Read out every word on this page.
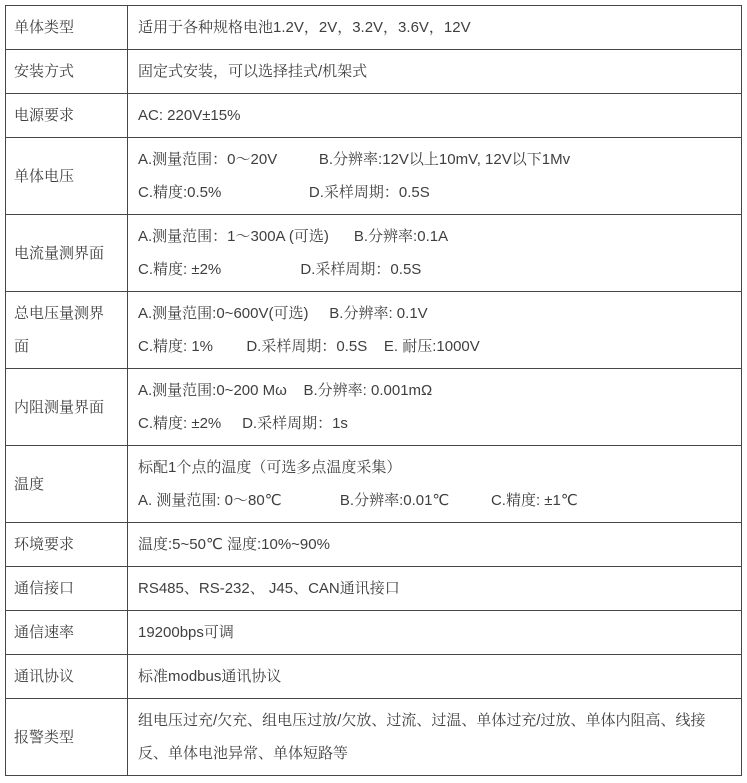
单体类型	适用于各种规格电池1.2V，2V，3.2V，3.6V，12V

安装方式	固定式安装，可以选择挂式/机架式

电源要求	AC: 220V±15%

单体电压	A.测量范围：0～20V          B.分辨率:12V以上10mV, 12V以下1Mv
C.精度:0.5%                     D.采样周期：0.5S

电流量测界面	A.测量范围：1～300A (可选)      B.分辨率:0.1A
C.精度: ±2%                   D.采样周期：0.5S

总电压量测界面	A.测量范围:0~600V(可选)     B.分辨率: 0.1V
C.精度: 1%        D.采样周期：0.5S    E. 耐压:1000V

内阻测量界面	A.测量范围:0~200 Mω    B.分辨率: 0.001mΩ
C.精度: ±2%     D.采样周期：1s

温度	标配1个点的温度（可选多点温度采集）
A. 测量范围: 0～80℃              B.分辨率:0.01℃          C.精度: ±1℃

环境要求	温度:5~50℃ 湿度:10%~90%

通信接口	RS485、RS-232、 J45、CAN通讯接口

通信速率	19200bps可调

通讯协议	标准modbus通讯协议

报警类型	组电压过充/欠充、组电压过放/欠放、过流、过温、单体过充/过放、单体内阻高、线接反、单体电池异常、单体短路等
